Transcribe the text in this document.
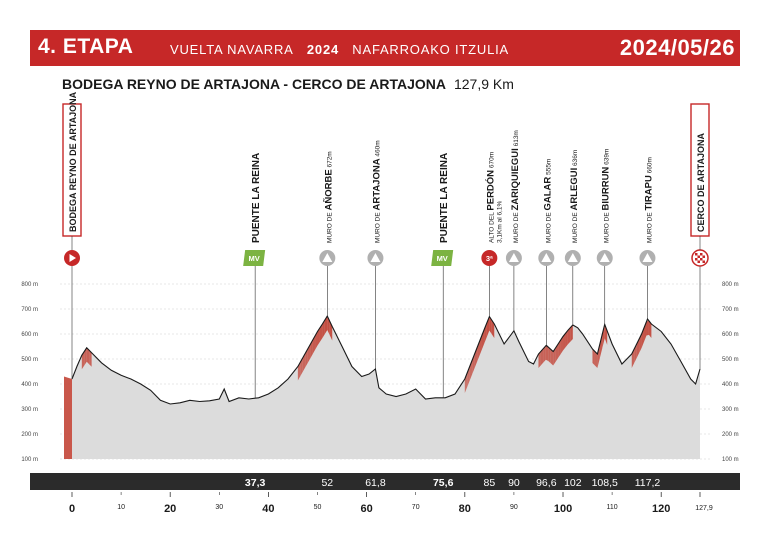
4. ETAPA	VUELTA NAVARRA 2024 NAFARROAKO ITZULIA	2024/05/26
BODEGA REYNO DE ARTAJONA - CERCO DE ARTAJONA 127,9 Km
100 m	100 m
200 m	200 m
300 m	300 m
400 m	400 m
500 m	500 m
600 m	600 m
700 m	700 m
800 m	800 m
BODEGA REYNO DE ARTAJONA
MV
PUENTE LA REINA	MURO DE AÑORBE 672m
MURO DE ARTAJONA 460m
MV
PUENTE LA REINA
3ª
ALTO DEL PERDÓN 670m
3,1Km al 6,1%	MURO DE ZARIQUIEGUI 613m
MURO DE GALAR 555m
MURO DE ARLEGUI 636m
MURO DE BIURRUN 639m
MURO DE TIRAPU 660m	CERCO DE ARTAJONA
37,3	52	61,8	75,6	85 90 96,6 102 108,5 117,2
0	20	40	60	80	100	120
10	30	50	70	90	110	127,9
